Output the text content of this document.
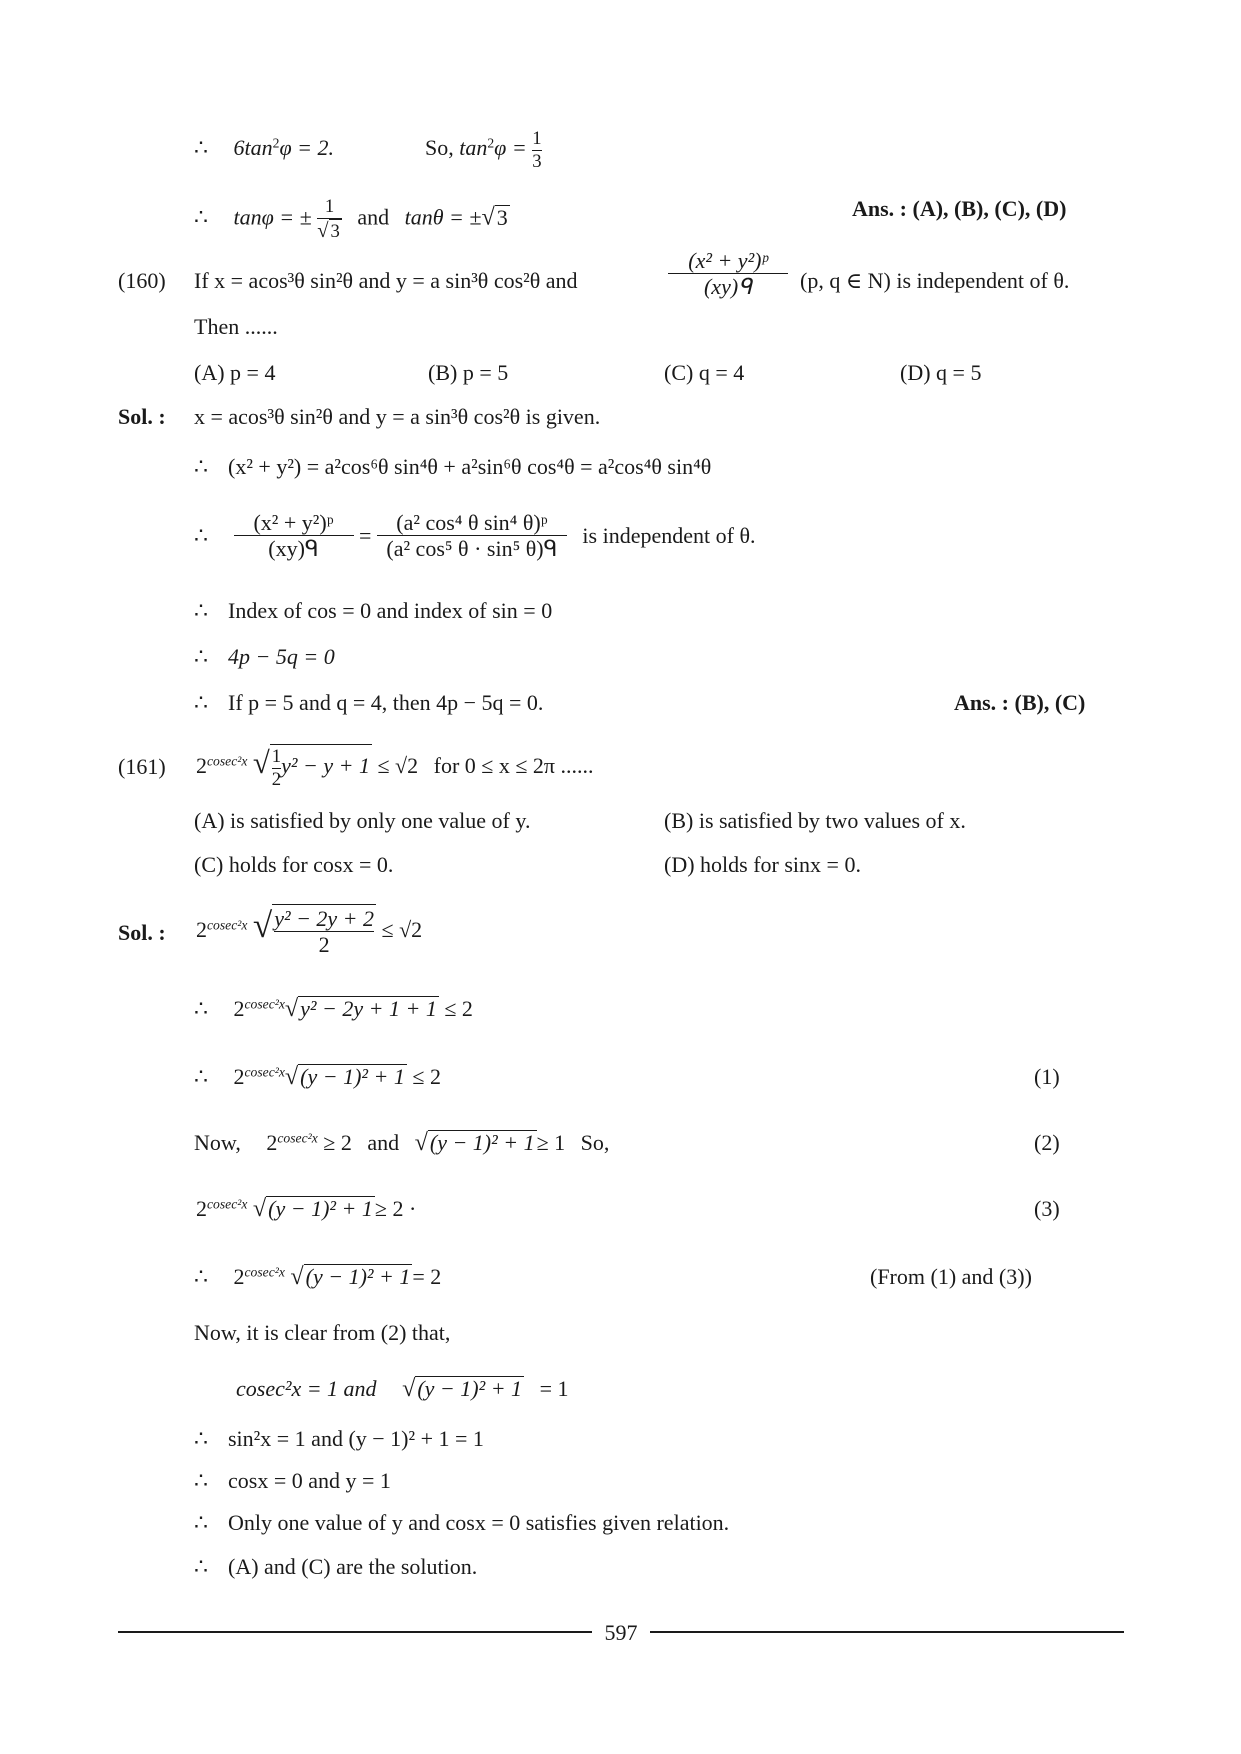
∴ $6\tan^2\varphi = 2$.	So, $\tan^2\varphi = \frac{1}{3}$
∴ tanφ = ± $\frac{1}{√ 3}$ and tanθ = ±√3	Ans. : (A), (B), (C), (D)
(160) If x = acos³θ sin²θ and y = a sin³θ cos²θ and	$\frac{\text{(x² + y²)ᵖ}}{\text{(xy)ᑫ}} (p$, q ∈ N) is independent of θ.
Then ......
(A) p = 4	(B) p = 5	(C) q = 4	(D) q = 5
Sol. : x = acos³θ sin²θ and y = a sin³θ cos²θ is given.
∴ (x² + y²) = a²cos⁶θ sin⁴θ + a²sin⁶θ cos⁴θ = a²cos⁴θ sin⁴θ
∴ $\frac{\text{(x² + y²)ᵖ}}{\text{(xy)ᑫ}} = \frac{\text{(a² cos⁴ θ sin⁴ θ)ᵖ}}{\text{(a² cos⁵ θ · sin⁵ θ)ᑫ}}$ is independent of θ.
∴ Index of cos = 0 and index of sin = 0
∴ 4p − 5q = 0
∴ If p = 5 and q = 4, then 4p − 5q = 0.	Ans. : (B), (C)
(161) $2^{cosec^2x}$ √ $\frac{1}{2} y^2 - y + 1 \le √2$ for 0 ≤ x ≤ 2π ......
(A) is satisfied by only one value of y.	(B) is satisfied by two values of x.
(C) holds for cosx = 0.	(D) holds for sinx = 0.
Sol. : $2^{cosec^2x}$ √ $\frac{\text{y² − 2y + 2}}{2} \le √2$
∴ $2^{cosec^2x}√y^2 - 2y + 1 + 1 \le 2$
∴ $2^{cosec^2x}√(y - 1)^2 + 1 \le 2$	(1)
Now, $2^{cosec^2x} \ge 2$ and √(y − 1)² + 1≥ 1 So,	(2)
$2^{cosec^2x}$ √(y − 1)² + 1≥ 2 ·	(3)
∴ $2^{cosec^2x}$ √(y − 1)² + 1= 2	(From (1) and (3))
Now, it is clear from (2) that,
cosec²x = 1 and √(y − 1)² + 1 = 1
∴ sin²x = 1 and (y − 1)² + 1 = 1
∴ cosx = 0 and y = 1
∴ Only one value of y and cosx = 0 satisfies given relation.
∴ (A) and (C) are the solution.
597
